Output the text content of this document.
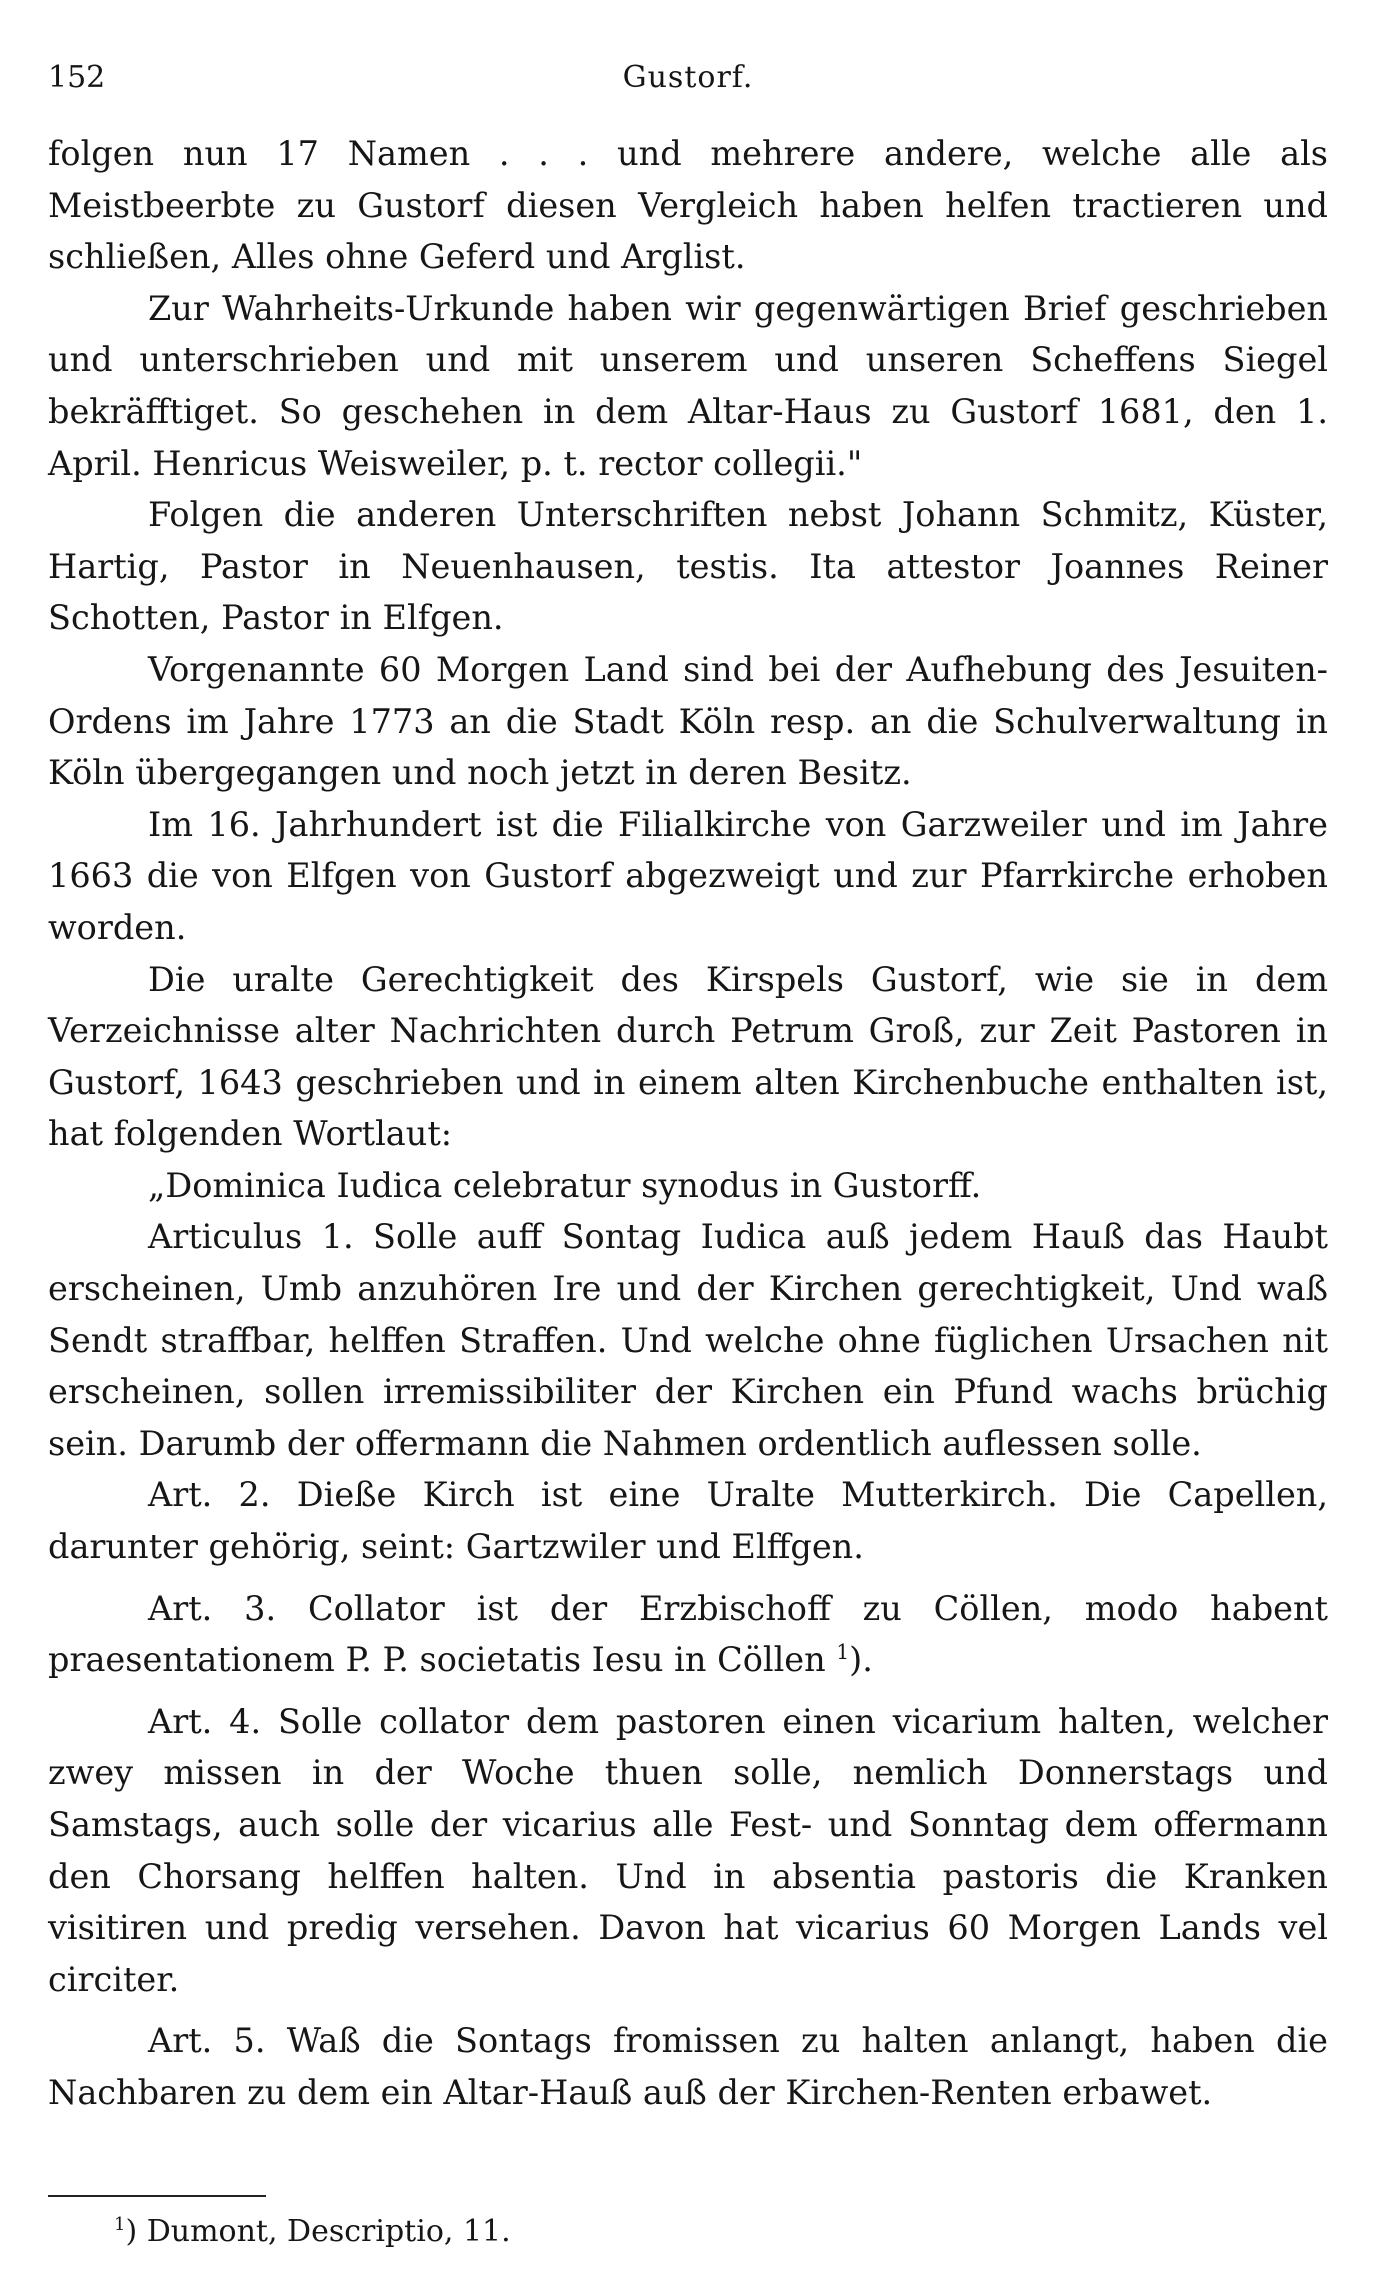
152	Gustorf.

folgen nun 17 Namen . . . und mehrere andere, welche alle als Meistbeerbte zu Gustorf diesen Vergleich haben helfen tractieren und schließen, Alles ohne Geferd und Arglist.

Zur Wahrheits-Urkunde haben wir gegenwärtigen Brief geschrieben und unterschrieben und mit unserem und unseren Scheffens Siegel bekräfftiget. So geschehen in dem Altar-Haus zu Gustorf 1681, den 1. April. Henricus Weisweiler, p. t. rector collegii."

Folgen die anderen Unterschriften nebst Johann Schmitz, Küster, Hartig, Pastor in Neuenhausen, testis. Ita attestor Joannes Reiner Schotten, Pastor in Elfgen.

Vorgenannte 60 Morgen Land sind bei der Aufhebung des Jesuiten-Ordens im Jahre 1773 an die Stadt Köln resp. an die Schulverwaltung in Köln übergegangen und noch jetzt in deren Besitz.

Im 16. Jahrhundert ist die Filialkirche von Garzweiler und im Jahre 1663 die von Elfgen von Gustorf abgezweigt und zur Pfarrkirche erhoben worden.

Die uralte Gerechtigkeit des Kirspels Gustorf, wie sie in dem Verzeichnisse alter Nachrichten durch Petrum Groß, zur Zeit Pastoren in Gustorf, 1643 geschrieben und in einem alten Kirchenbuche enthalten ist, hat folgenden Wortlaut:

„Dominica Iudica celebratur synodus in Gustorff.

Articulus 1. Solle auff Sontag Iudica auß jedem Hauß das Haubt erscheinen, Umb anzuhören Ire und der Kirchen gerechtigkeit, Und waß Sendt straffbar, helffen Straffen. Und welche ohne füglichen Ursachen nit erscheinen, sollen irremissibiliter der Kirchen ein Pfund wachs brüchig sein. Darumb der offermann die Nahmen ordentlich auflessen solle.

Art. 2. Dieße Kirch ist eine Uralte Mutterkirch. Die Capellen, darunter gehörig, seint: Gartzwiler und Elffgen.

Art. 3. Collator ist der Erzbischoff zu Cöllen, modo habent praesentationem P. P. societatis Iesu in Cöllen $^1$).

Art. 4. Solle collator dem pastoren einen vicarium halten, welcher zwey missen in der Woche thuen solle, nemlich Donnerstags und Samstags, auch solle der vicarius alle Fest- und Sonntag dem offermann den Chorsang helffen halten. Und in absentia pastoris die Kranken visitiren und predig versehen. Davon hat vicarius 60 Morgen Lands vel circiter.

Art. 5. Waß die Sontags fromissen zu halten anlangt, haben die Nachbaren zu dem ein Altar-Hauß auß der Kirchen-Renten erbawet.

$^1$) Dumont, Descriptio, 11.
